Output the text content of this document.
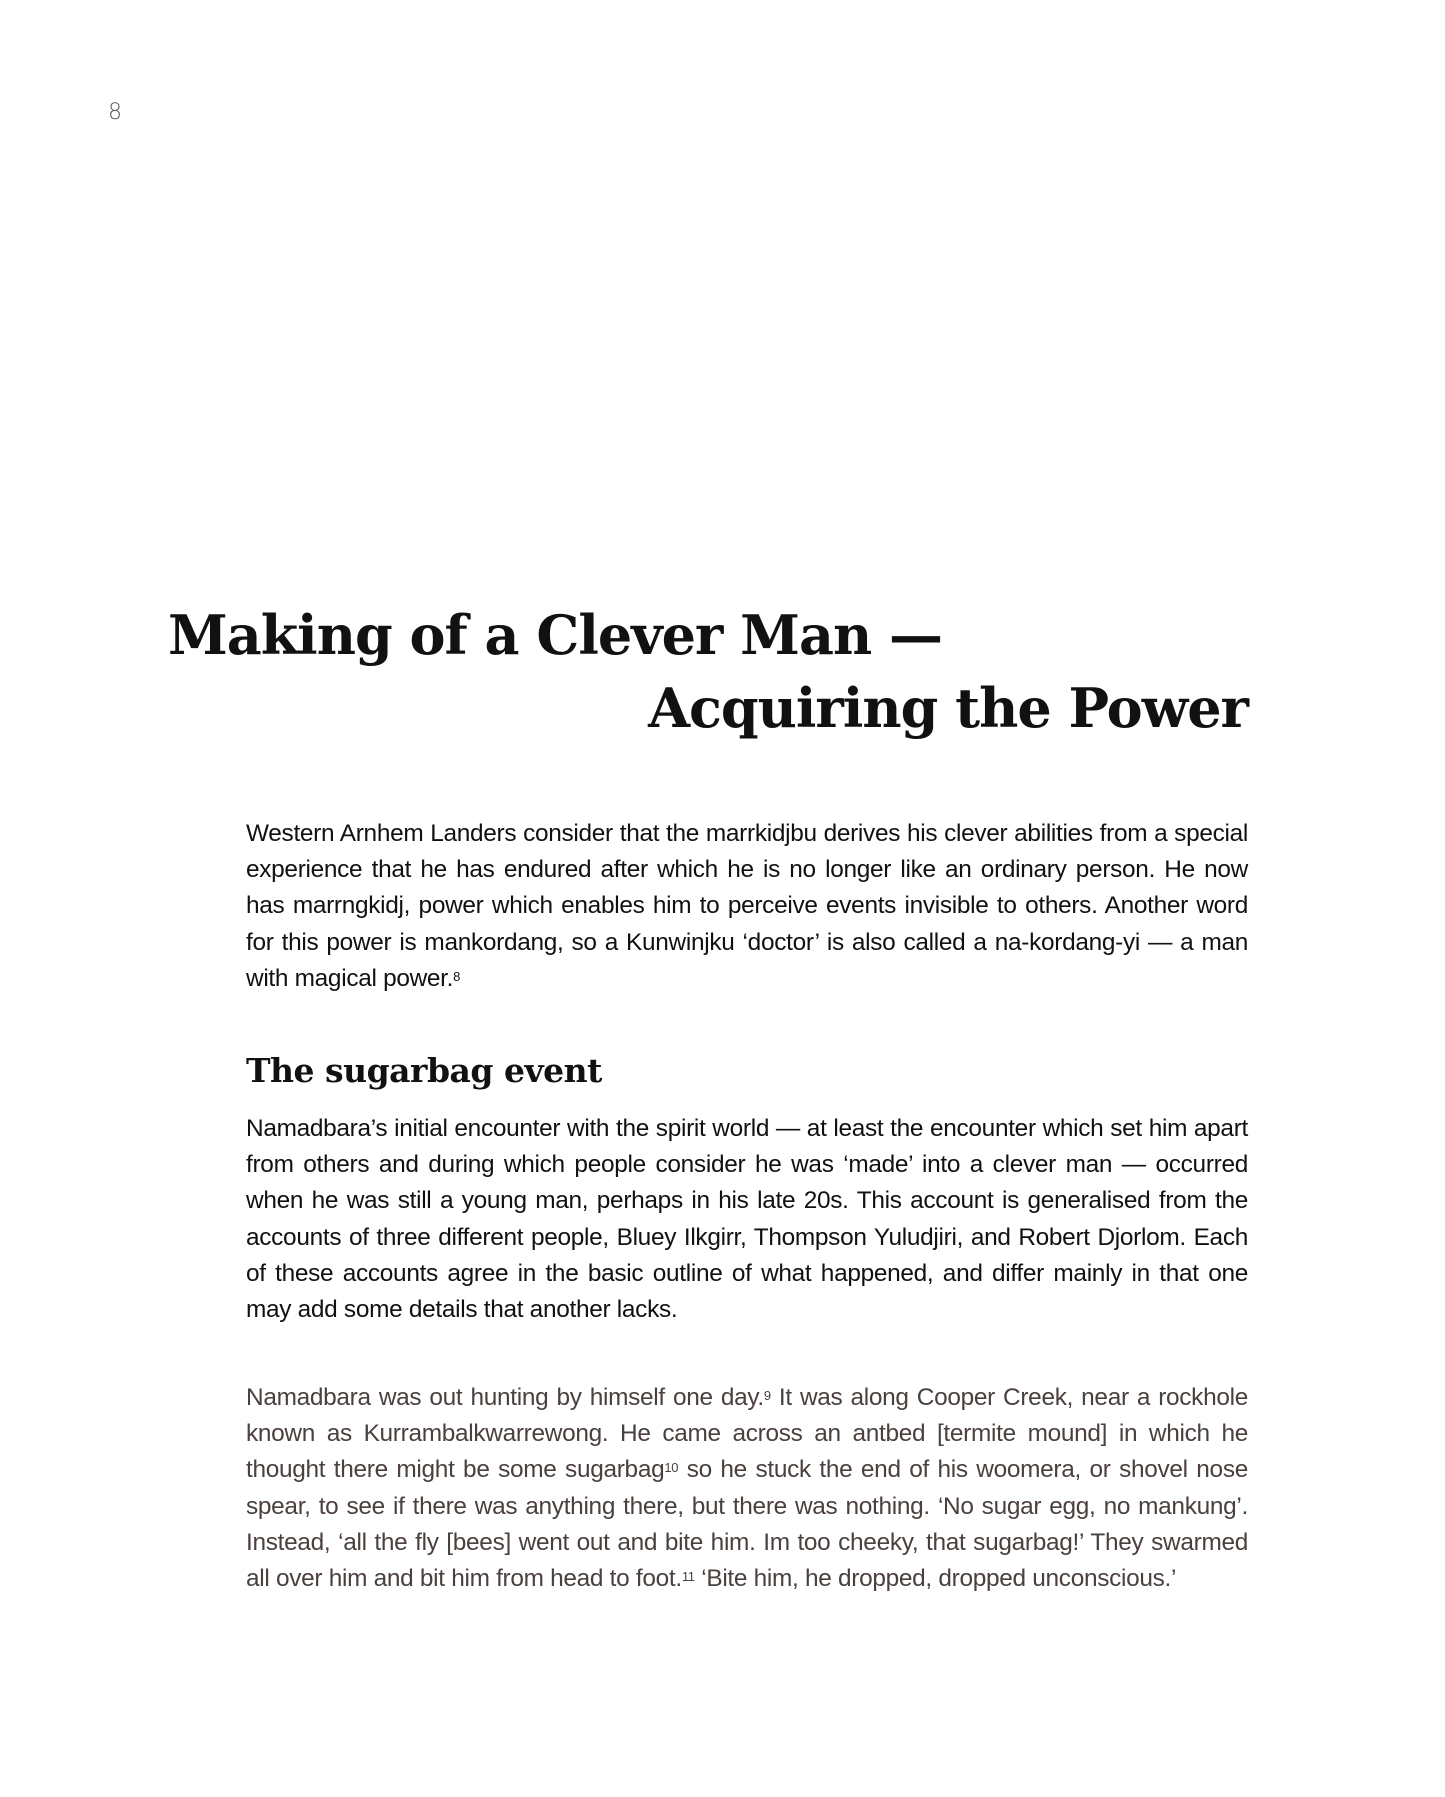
8
Making of a Clever Man —
Acquiring the Power

Western Arnhem Landers consider that the marrkidjbu derives his clever abilities from a special experience that he has endured after which he is no longer like an ordinary person. He now has marrngkidj, power which enables him to perceive events invisible to others. Another word for this power is mankordang, so a Kunwinjku ‘doctor’ is also called a na-kordang-yi — a man with magical power.$^8$

The sugarbag event

Namadbara’s initial encounter with the spirit world — at least the encounter which set him apart from others and during which people consider he was ‘made’ into a clever man — occurred when he was still a young man, perhaps in his late 20s. This account is generalised from the accounts of three different people, Bluey Ilkgirr, Thompson Yuludjiri, and Robert Djorlom. Each of these accounts agree in the basic outline of what happened, and differ mainly in that one may add some details that another lacks.

Namadbara was out hunting by himself one day.$^9$ It was along Cooper Creek, near a rockhole known as Kurrambalkwarrewong. He came across an antbed [termite mound] in which he thought there might be some sugarbag$^{10}$ so he stuck the end of his woomera, or shovel nose spear, to see if there was anything there, but there was nothing. ‘No sugar egg, no mankung’. Instead, ‘all the fly [bees] went out and bite him. Im too cheeky, that sugarbag!’ They swarmed all over him and bit him from head to foot.$^{11}$ ‘Bite him, he dropped, dropped unconscious.’
